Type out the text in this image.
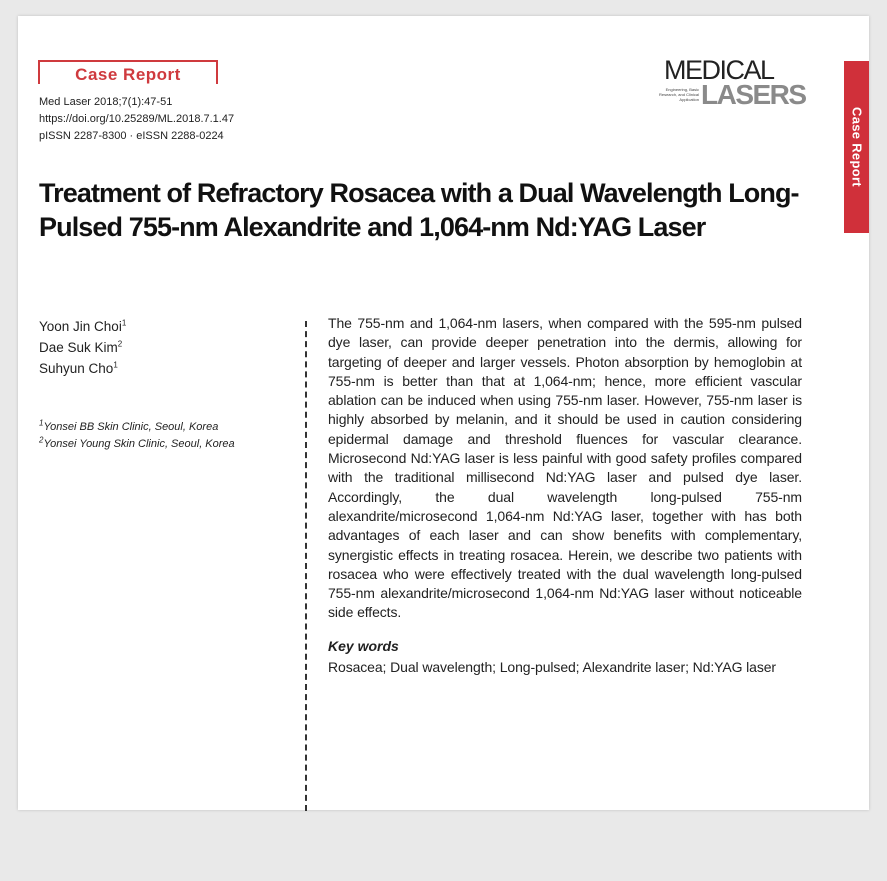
Case Report
Med Laser 2018;7(1):47-51
https://doi.org/10.25289/ML.2018.7.1.47
pISSN 2287-8300 · eISSN 2288-0224
MEDICAL
Engineering, Basic Research, and Clinical Application LASERS
Case Report
Treatment of Refractory Rosacea with a Dual Wavelength Long-Pulsed 755-nm Alexandrite and 1,064-nm Nd:YAG Laser
Yoon Jin Choi$^1$
Dae Suk Kim$^2$
Suhyun Cho$^1$
$^1$Yonsei BB Skin Clinic, Seoul, Korea
$^2$Yonsei Young Skin Clinic, Seoul, Korea
The 755-nm and 1,064-nm lasers, when compared with the 595-nm pulsed dye laser, can provide deeper penetration into the dermis, allowing for targeting of deeper and larger vessels. Photon absorption by hemoglobin at 755-nm is better than that at 1,064-nm; hence, more efficient vascular ablation can be induced when using 755-nm laser. However, 755-nm laser is highly absorbed by melanin, and it should be used in caution considering epidermal damage and threshold fluences for vascular clearance. Microsecond Nd:YAG laser is less painful with good safety profiles compared with the traditional millisecond Nd:YAG laser and pulsed dye laser. Accordingly, the dual wavelength long-pulsed 755-nm alexandrite/microsecond 1,064-nm Nd:YAG laser, together with has both advantages of each laser and can show benefits with complementary, synergistic effects in treating rosacea. Herein, we describe two patients with rosacea who were effectively treated with the dual wavelength long-pulsed 755-nm alexandrite/microsecond 1,064-nm Nd:YAG laser without noticeable side effects.
Key words
Rosacea; Dual wavelength; Long-pulsed; Alexandrite laser; Nd:YAG laser
